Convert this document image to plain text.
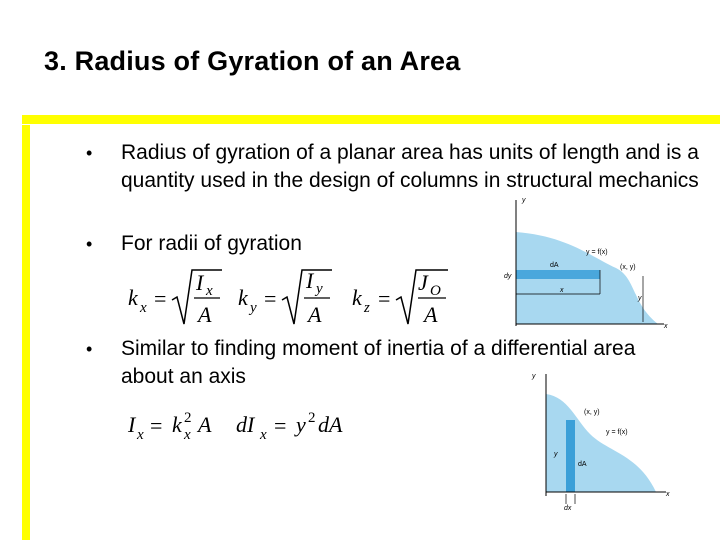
3. Radius of Gyration of an Area
• Radius of gyration of a planar area has units of length and is a quantity used in the design of columns in structural mechanics
• For radii of gyration
• Similar to finding moment of inertia of a differential area about an axis
k x =
I x
A
k y =
I y
A
k z =
J O
A
I x = k 2
x A dI x = y 2 dA
y
x
y = f(x)
dA	(x, y)
y
x
dy
y
x
(x, y)
y = f(x)
dA
y
dx
